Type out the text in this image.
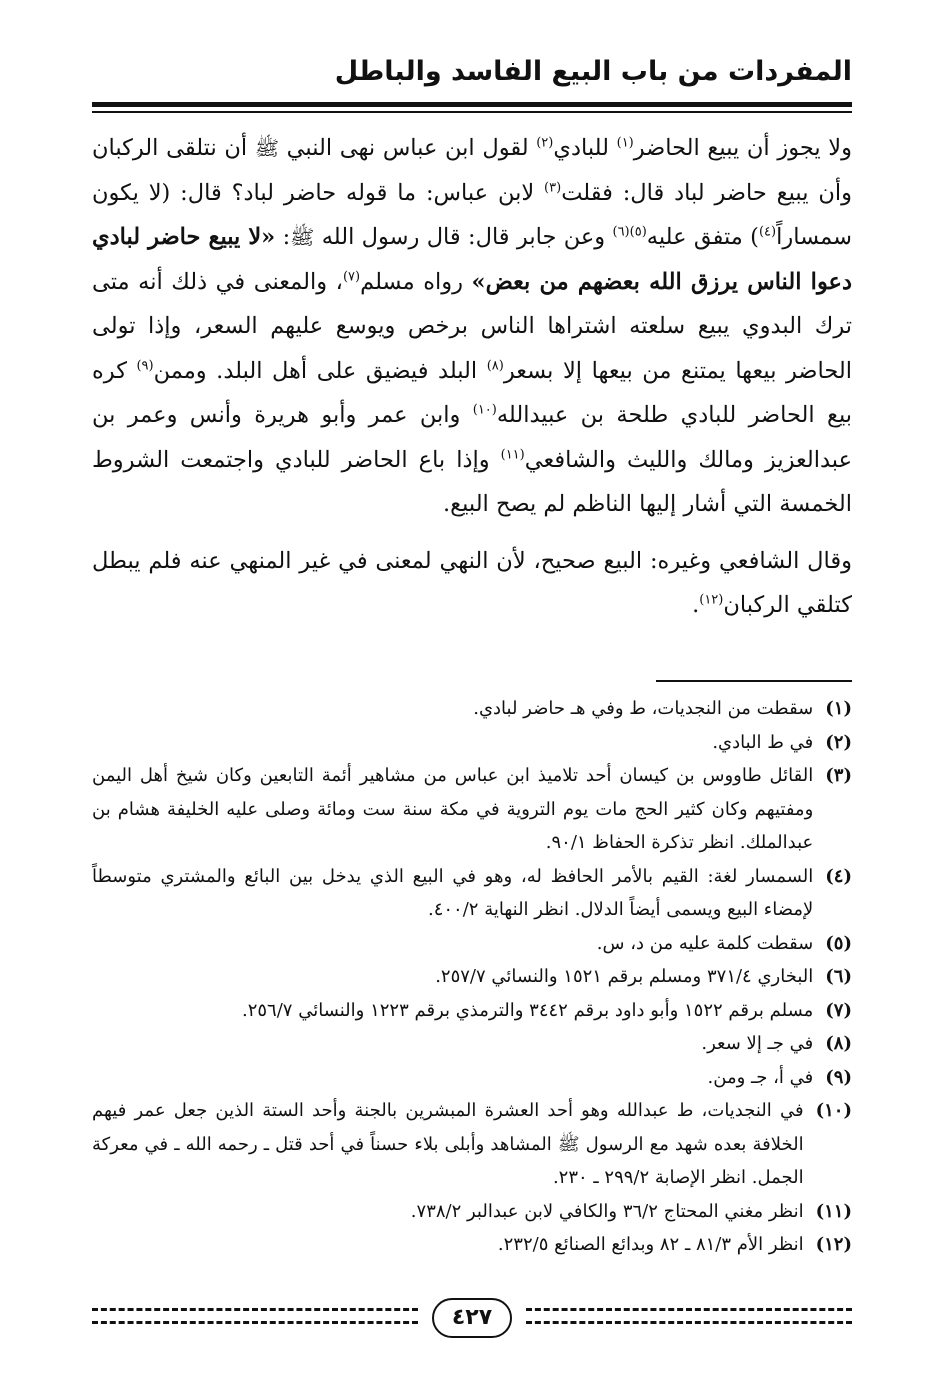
المفردات من باب البيع الفاسد والباطل

ولا يجوز أن يبيع الحاضر$^{(١)}$ للبادي$^{(٢)}$ لقول ابن عباس نهى النبي ﷺ أن نتلقى الركبان وأن يبيع حاضر لباد قال: فقلت$^{(٣)}$ لابن عباس: ما قوله حاضر لباد؟ قال: (لا يكون سمساراً$^{(٤)}$) متفق عليه$^{(٥)(٦)}$ وعن جابر قال: قال رسول الله ﷺ: «لا يبيع حاضر لبادي دعوا الناس يرزق الله بعضهم من بعض» رواه مسلم$^{(٧)}$، والمعنى في ذلك أنه متى ترك البدوي يبيع سلعته اشتراها الناس برخص ويوسع عليهم السعر، وإذا تولى الحاضر بيعها يمتنع من بيعها إلا بسعر$^{(٨)}$ البلد فيضيق على أهل البلد. وممن$^{(٩)}$ كره بيع الحاضر للبادي طلحة بن عبيدالله$^{(١٠)}$ وابن عمر وأبو هريرة وأنس وعمر بن عبدالعزيز ومالك والليث والشافعي$^{(١١)}$ وإذا باع الحاضر للبادي واجتمعت الشروط الخمسة التي أشار إليها الناظم لم يصح البيع.

وقال الشافعي وغيره: البيع صحيح، لأن النهي لمعنى في غير المنهي عنه فلم يبطل كتلقي الركبان$^{(١٢)}$.

(١)
سقطت من النجديات، ط وفي هـ حاضر لبادي.
(٢)
في ط البادي.
(٣)
القائل طاووس بن كيسان أحد تلاميذ ابن عباس من مشاهير أئمة التابعين وكان شيخ أهل اليمن ومفتيهم وكان كثير الحج مات يوم التروية في مكة سنة ست ومائة وصلى عليه الخليفة هشام بن عبدالملك. انظر تذكرة الحفاظ ٩٠/١.
(٤)
السمسار لغة: القيم بالأمر الحافظ له، وهو في البيع الذي يدخل بين البائع والمشتري متوسطاً لإمضاء البيع ويسمى أيضاً الدلال. انظر النهاية ٤٠٠/٢.
(٥)
سقطت كلمة عليه من د، س.
(٦)
البخاري ٣٧١/٤ ومسلم برقم ١٥٢١ والنسائي ٢٥٧/٧.
(٧)
مسلم برقم ١٥٢٢ وأبو داود برقم ٣٤٤٢ والترمذي برقم ١٢٢٣ والنسائي ٢٥٦/٧.
(٨)
في جـ إلا سعر.
(٩)
في أ، جـ ومن.
(١٠)
في النجديات، ط عبدالله وهو أحد العشرة المبشرين بالجنة وأحد الستة الذين جعل عمر فيهم الخلافة بعده شهد مع الرسول ﷺ المشاهد وأبلى بلاء حسناً في أحد قتل ـ رحمه الله ـ في معركة الجمل. انظر الإصابة ٢٩٩/٢ ـ ٢٣٠.
(١١)
انظر مغني المحتاج ٣٦/٢ والكافي لابن عبدالبر ٧٣٨/٢.
(١٢)
انظر الأم ٨١/٣ ـ ٨٢ وبدائع الصنائع ٢٣٢/٥.
٤٢٧
